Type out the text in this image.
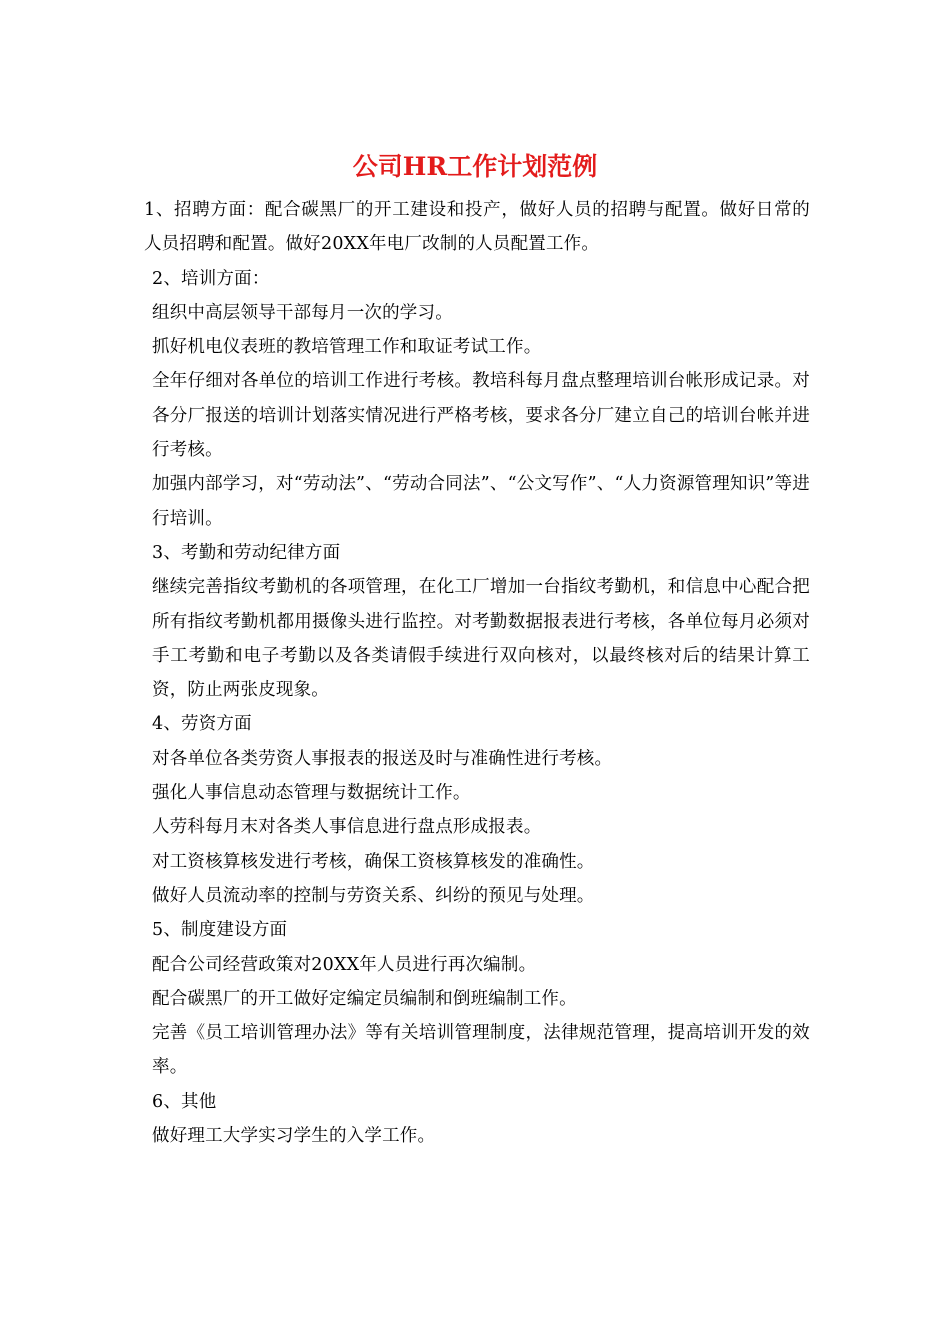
公司HR工作计划范例

1、招聘方面：配合碳黑厂的开工建设和投产，做好人员的招聘与配置。做好日常的人员招聘和配置。做好20XX年电厂改制的人员配置工作。

2、培训方面：

组织中高层领导干部每月一次的学习。

抓好机电仪表班的教培管理工作和取证考试工作。

全年仔细对各单位的培训工作进行考核。教培科每月盘点整理培训台帐形成记录。对各分厂报送的培训计划落实情况进行严格考核，要求各分厂建立自己的培训台帐并进行考核。

加强内部学习，对“劳动法”、“劳动合同法”、“公文写作”、“人力资源管理知识”等进行培训。

3、考勤和劳动纪律方面

继续完善指纹考勤机的各项管理，在化工厂增加一台指纹考勤机，和信息中心配合把所有指纹考勤机都用摄像头进行监控。对考勤数据报表进行考核，各单位每月必须对手工考勤和电子考勤以及各类请假手续进行双向核对，以最终核对后的结果计算工资，防止两张皮现象。

4、劳资方面

对各单位各类劳资人事报表的报送及时与准确性进行考核。

强化人事信息动态管理与数据统计工作。

人劳科每月末对各类人事信息进行盘点形成报表。

对工资核算核发进行考核，确保工资核算核发的准确性。

做好人员流动率的控制与劳资关系、纠纷的预见与处理。

5、制度建设方面

配合公司经营政策对20XX年人员进行再次编制。

配合碳黑厂的开工做好定编定员编制和倒班编制工作。

完善《员工培训管理办法》等有关培训管理制度，法律规范管理，提高培训开发的效率。

6、其他

做好理工大学实习学生的入学工作。
